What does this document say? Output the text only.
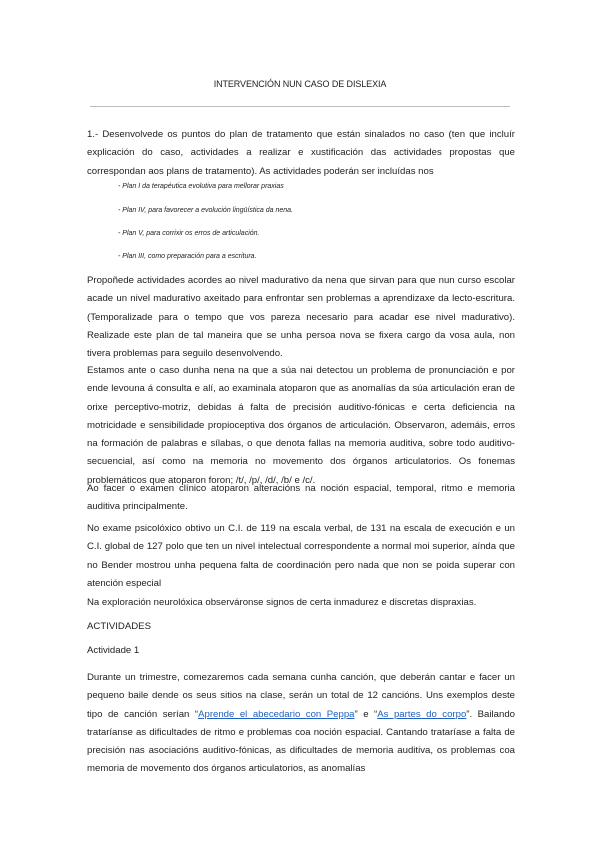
INTERVENCIÓN NUN CASO DE DISLEXIA

1.- Desenvolvede os puntos do plan de tratamento que están sinalados no caso (ten que incluír explicación do caso, actividades a realizar e xustificación das actividades propostas que correspondan aos plans de tratamento). As actividades poderán ser incluídas nos

- Plan I da terapéutica evolutiva para mellorar praxias

- Plan IV, para favorecer a evolución lingüística da nena.

- Plan V, para corrixir os erros de articulación.

- Plan III, como preparación para a escritura.

Propoñede actividades acordes ao nivel madurativo da nena que sirvan para que nun curso escolar acade un nivel madurativo axeitado para enfrontar sen problemas a aprendizaxe da lecto-escritura. (Temporalizade para o tempo que vos pareza necesario para acadar ese nivel madurativo). Realizade este plan de tal maneira que se unha persoa nova se fixera cargo da vosa aula, non tivera problemas para seguilo desenvolvendo.

Estamos ante o caso dunha nena na que a súa nai detectou un problema de pronunciación e por ende levouna á consulta e alí, ao examinala atoparon que as anomalías da súa articulación eran de orixe perceptivo-motriz, debidas á falta de precisión auditivo-fónicas e certa deficiencia na motricidade e sensibilidade propioceptiva dos órganos de articulación. Observaron, ademáis, erros na formación de palabras e sílabas, o que denota fallas na memoria auditiva, sobre todo auditivo-secuencial, así como na memoria no movemento dos órganos articulatorios. Os fonemas problemáticos que atoparon foron; /t/, /p/, /d/, /b/ e /c/.

Ao facer o examen clínico atoparon alteracións na noción espacial, temporal, ritmo e memoria auditiva principalmente.

No exame psicolóxico obtivo un C.I. de 119 na escala verbal, de 131 na escala de execución e un C.I. global de 127 polo que ten un nivel intelectual correspondente a normal moi superior, aínda que no Bender mostrou unha pequena falta de coordinación pero nada que non se poida superar con atención especial

Na exploración neurolóxica observáronse signos de certa inmadurez e discretas dispraxias.

ACTIVIDADES

Actividade 1

Durante un trimestre, comezaremos cada semana cunha canción, que deberán cantar e facer un pequeno baile dende os seus sitios na clase, serán un total de 12 cancións. Uns exemplos deste tipo de canción serían “Aprende el abecedario con Peppa” e “As partes do corpo”. Bailando trataríanse as dificultades de ritmo e problemas coa noción espacial. Cantando trataríase a falta de precisión nas asociacións auditivo-fónicas, as dificultades de memoria auditiva, os problemas coa memoria de movemento dos órganos articulatorios, as anomalías
